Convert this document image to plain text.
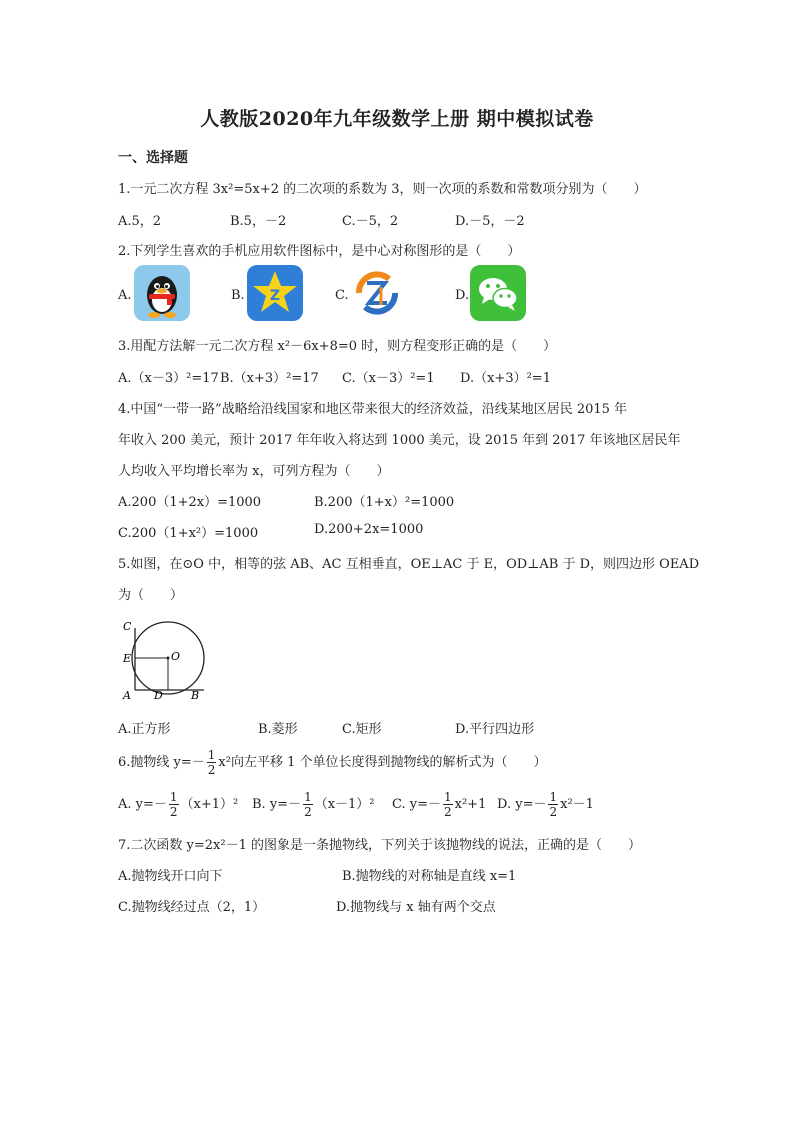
人教版2020年九年级数学上册 期中模拟试卷
一、选择题
1.一元二次方程 3x²=5x+2 的二次项的系数为 3，则一次项的系数和常数项分别为（　　）
A.5，2	B.5，－2	C.－5，2	D.－5，－2
2.下列学生喜欢的手机应用软件图标中，是中心对称图形的是（　　）
A.	B. Z	C.	D.
3.用配方法解一元二次方程 x²－6x+8=0 时，则方程变形正确的是（　　）
A.（x－3）²=17 B.（x+3）²=17 C.（x－3）²=1 D.（x+3）²=1
4.中国“一带一路”战略给沿线国家和地区带来很大的经济效益，沿线某地区居民 2015 年
年收入 200 美元，预计 2017 年年收入将达到 1000 美元，设 2015 年到 2017 年该地区居民年
人均收入平均增长率为 x，可列方程为（　　）
A.200（1+2x）=1000	B.200（1+x）²=1000
C.200（1+x²）=1000	D.200+2x=1000
5.如图，在⊙O 中，相等的弦 AB、AC 互相垂直，OE⊥AC 于 E，OD⊥AB 于 D，则四边形 OEAD
为（　　）
C
E	O
A D	B
A.正方形	B.菱形	C.矩形	D.平行四边形
6.抛物线 $y=- \frac{1}{2} x^2$向左平移 1 个单位长度得到抛物线的解析式为（　　）
A. $y=- \frac{1}{2} (x+1)^2$ B. $y=- \frac{1}{2} (x-1)^2$ C. $y=- \frac{1}{2} x^2+1$ D. $y=- \frac{1}{2} x^2-1$
7.二次函数 y=2x²－1 的图象是一条抛物线，下列关于该抛物线的说法，正确的是（　　）
A.抛物线开口向下	B.抛物线的对称轴是直线 x=1
C.抛物线经过点（2，1）	D.抛物线与 x 轴有两个交点
